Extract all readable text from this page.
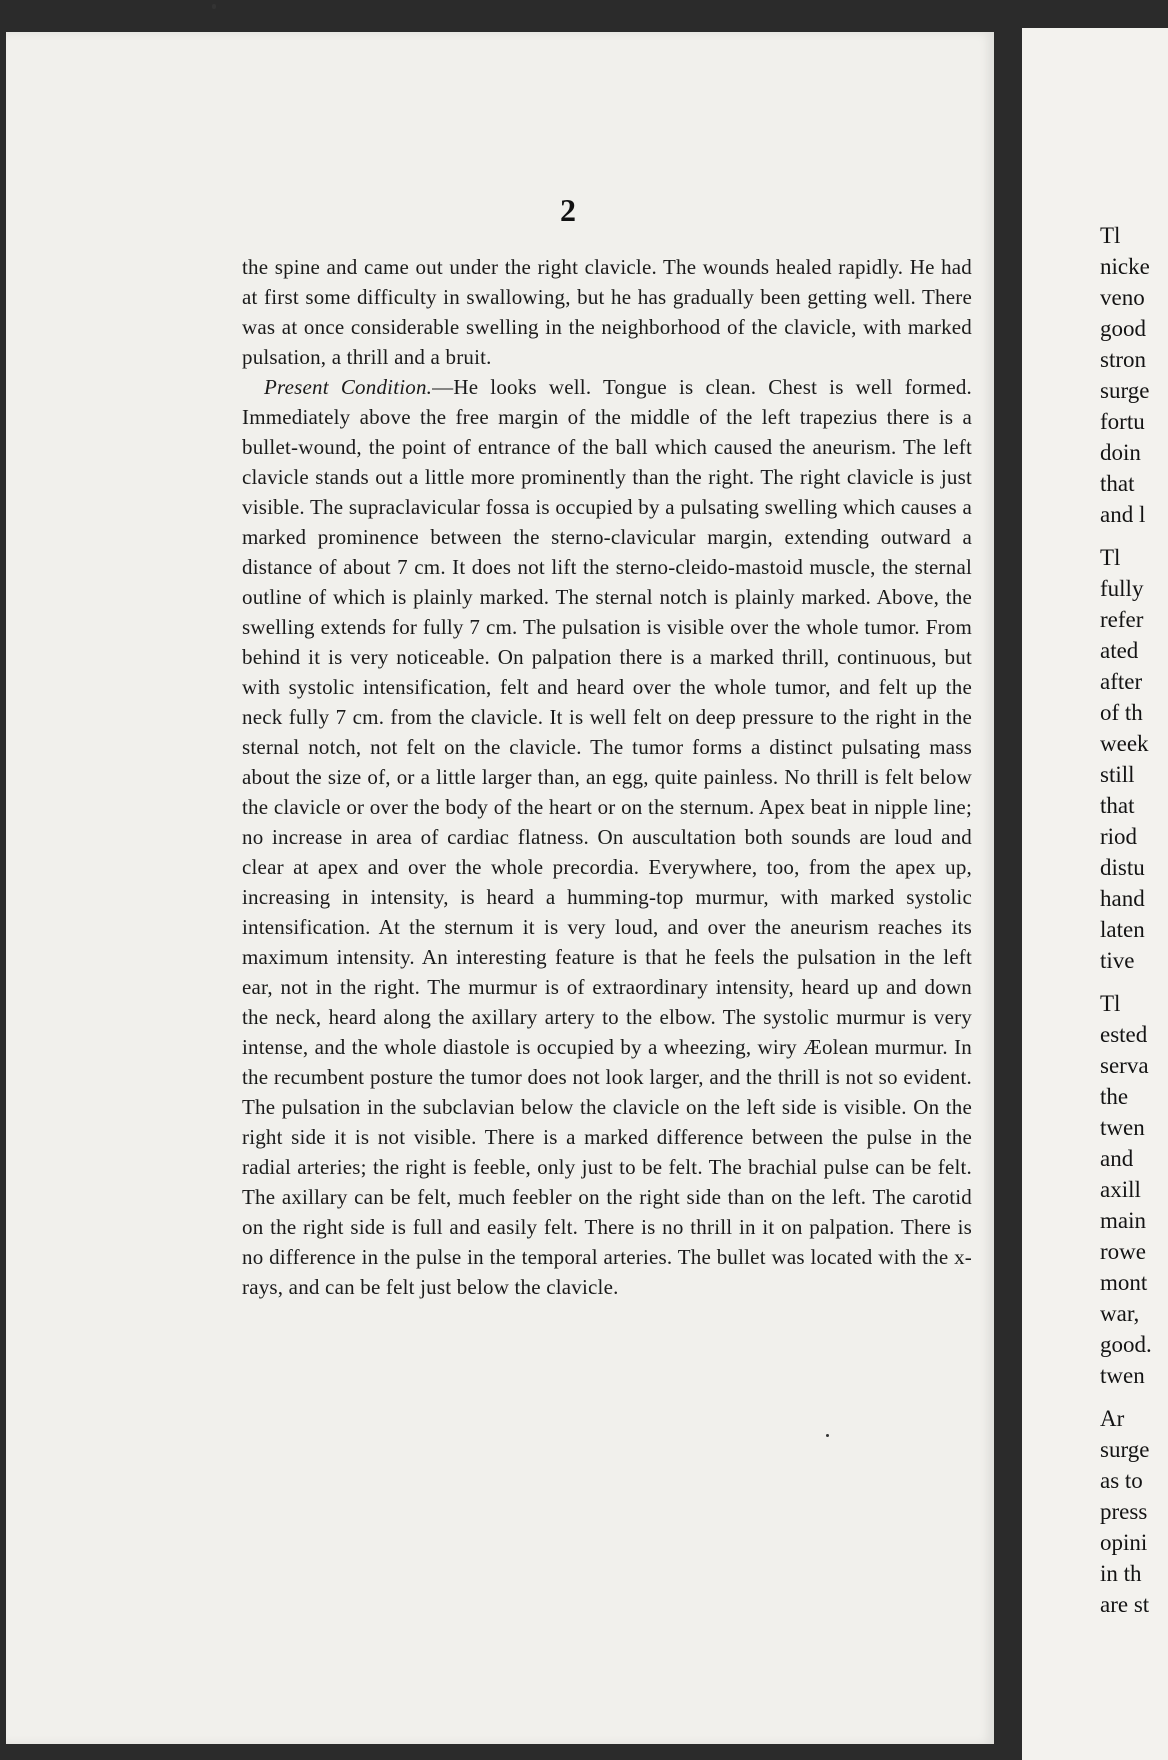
2

the spine and came out under the right clavicle. The wounds healed rapidly. He had at first some difficulty in swallowing, but he has gradually been getting well. There was at once considerable swelling in the neighborhood of the clavicle, with marked pulsation, a thrill and a bruit.

Present Condition.—He looks well. Tongue is clean. Chest is well formed. Immediately above the free margin of the middle of the left trapezius there is a bullet-wound, the point of entrance of the ball which caused the aneurism. The left clavicle stands out a little more prominently than the right. The right clavicle is just visible. The supraclavicular fossa is occupied by a pulsating swelling which causes a marked prominence between the sterno-clavicular margin, extending outward a distance of about 7 cm. It does not lift the sterno-cleido-mastoid muscle, the sternal outline of which is plainly marked. The sternal notch is plainly marked. Above, the swelling extends for fully 7 cm. The pulsation is visible over the whole tumor. From behind it is very noticeable. On palpation there is a marked thrill, continuous, but with systolic intensification, felt and heard over the whole tumor, and felt up the neck fully 7 cm. from the clavicle. It is well felt on deep pressure to the right in the sternal notch, not felt on the clavicle. The tumor forms a distinct pulsating mass about the size of, or a little larger than, an egg, quite painless. No thrill is felt below the clavicle or over the body of the heart or on the sternum. Apex beat in nipple line; no increase in area of cardiac flatness. On auscultation both sounds are loud and clear at apex and over the whole precordia. Everywhere, too, from the apex up, increasing in intensity, is heard a humming-top murmur, with marked systolic intensification. At the sternum it is very loud, and over the aneurism reaches its maximum intensity. An interesting feature is that he feels the pulsation in the left ear, not in the right. The murmur is of extraordinary intensity, heard up and down the neck, heard along the axillary artery to the elbow. The systolic murmur is very intense, and the whole diastole is occupied by a wheezing, wiry Æolean murmur. In the recumbent posture the tumor does not look larger, and the thrill is not so evident. The pulsation in the subclavian below the clavicle on the left side is visible. On the right side it is not visible. There is a marked difference between the pulse in the radial arteries; the right is feeble, only just to be felt. The brachial pulse can be felt. The axillary can be felt, much feebler on the right side than on the left. The carotid on the right side is full and easily felt. There is no thrill in it on palpation. There is no difference in the pulse in the temporal arteries. The bullet was located with the x-rays, and can be felt just below the clavicle.

Tl
nicke
veno
good
stron
surge
fortu
doin
that
and l
Tl
fully
refer
ated
after
of th
week
still
that
riod
distu
hand
laten
tive
Tl
ested
serva
the
twen
and
axill
main
rowe
mont
war,
good.
twen
Ar
surge
as to
press
opini
in th
are st
